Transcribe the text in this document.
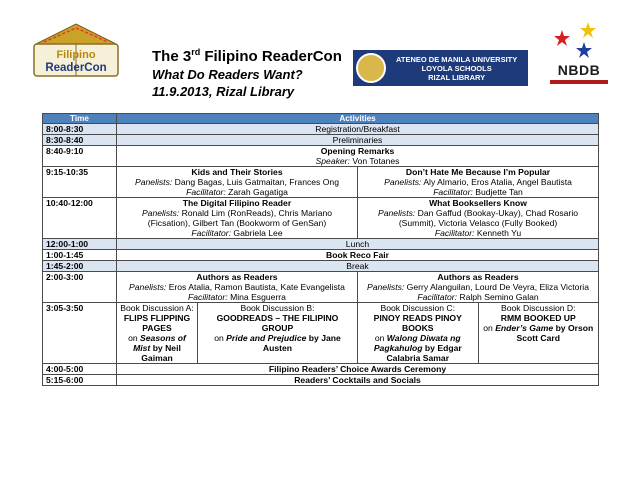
Filipino
ReaderCon
The 3rd Filipino ReaderCon
What Do Readers Want?
11.9.2013, Rizal Library
ATENEO DE MANILA UNIVERSITY
LOYOLA SCHOOLS
RIZAL LIBRARY	NBDB
Time	Activities
8:00-8:30	Registration/Breakfast
8:30-8:40	Preliminaries
8:40-9:10	Opening Remarks
Speaker: Von Totanes

9:15-10:35	Kids and Their Stories
Panelists: Dang Bagas, Luis Gatmaitan, Frances Ong
Facilitator: Zarah Gagatiga

Don’t Hate Me Because I’m Popular
Panelists: Aly Almario, Eros Atalia, Angel Bautista
Facilitator: Budjette Tan

10:40-12:00	The Digital Filipino Reader
Panelists: Ronald Lim (RonReads), Chris Mariano (Ficsation), Gilbert Tan (Bookworm of GenSan)
Facilitator: Gabriela Lee

What Booksellers Know
Panelists: Dan Gaffud (Bookay-Ukay), Chad Rosario (Summit), Victoria Velasco (Fully Booked)
Facilitator: Kenneth Yu

12:00-1:00	Lunch
1:00-1:45	Book Reco Fair
1:45-2:00	Break
2:00-3:00	Authors as Readers
Panelists: Eros Atalia, Ramon Bautista, Kate Evangelista
Facilitator: Mina Esguerra

Authors as Readers
Panelists: Gerry Alanguilan, Lourd De Veyra, Eliza Victoria
Facilitator: Ralph Semino Galan

3:05-3:50	Book Discussion A:
FLIPS FLIPPING PAGES
on Seasons of Mist by Neil Gaiman

Book Discussion B:
GOODREADS – THE FILIPINO GROUP
on Pride and Prejudice by Jane Austen

Book Discussion C:
PINOY READS PINOY BOOKS
on Walong Diwata ng Pagkahulog by Edgar Calabria Samar

Book Discussion D:
RMM BOOKED UP
on Ender’s Game by Orson Scott Card

4:00-5:00	Filipino Readers’ Choice Awards Ceremony
5:15-6:00	Readers’ Cocktails and Socials
